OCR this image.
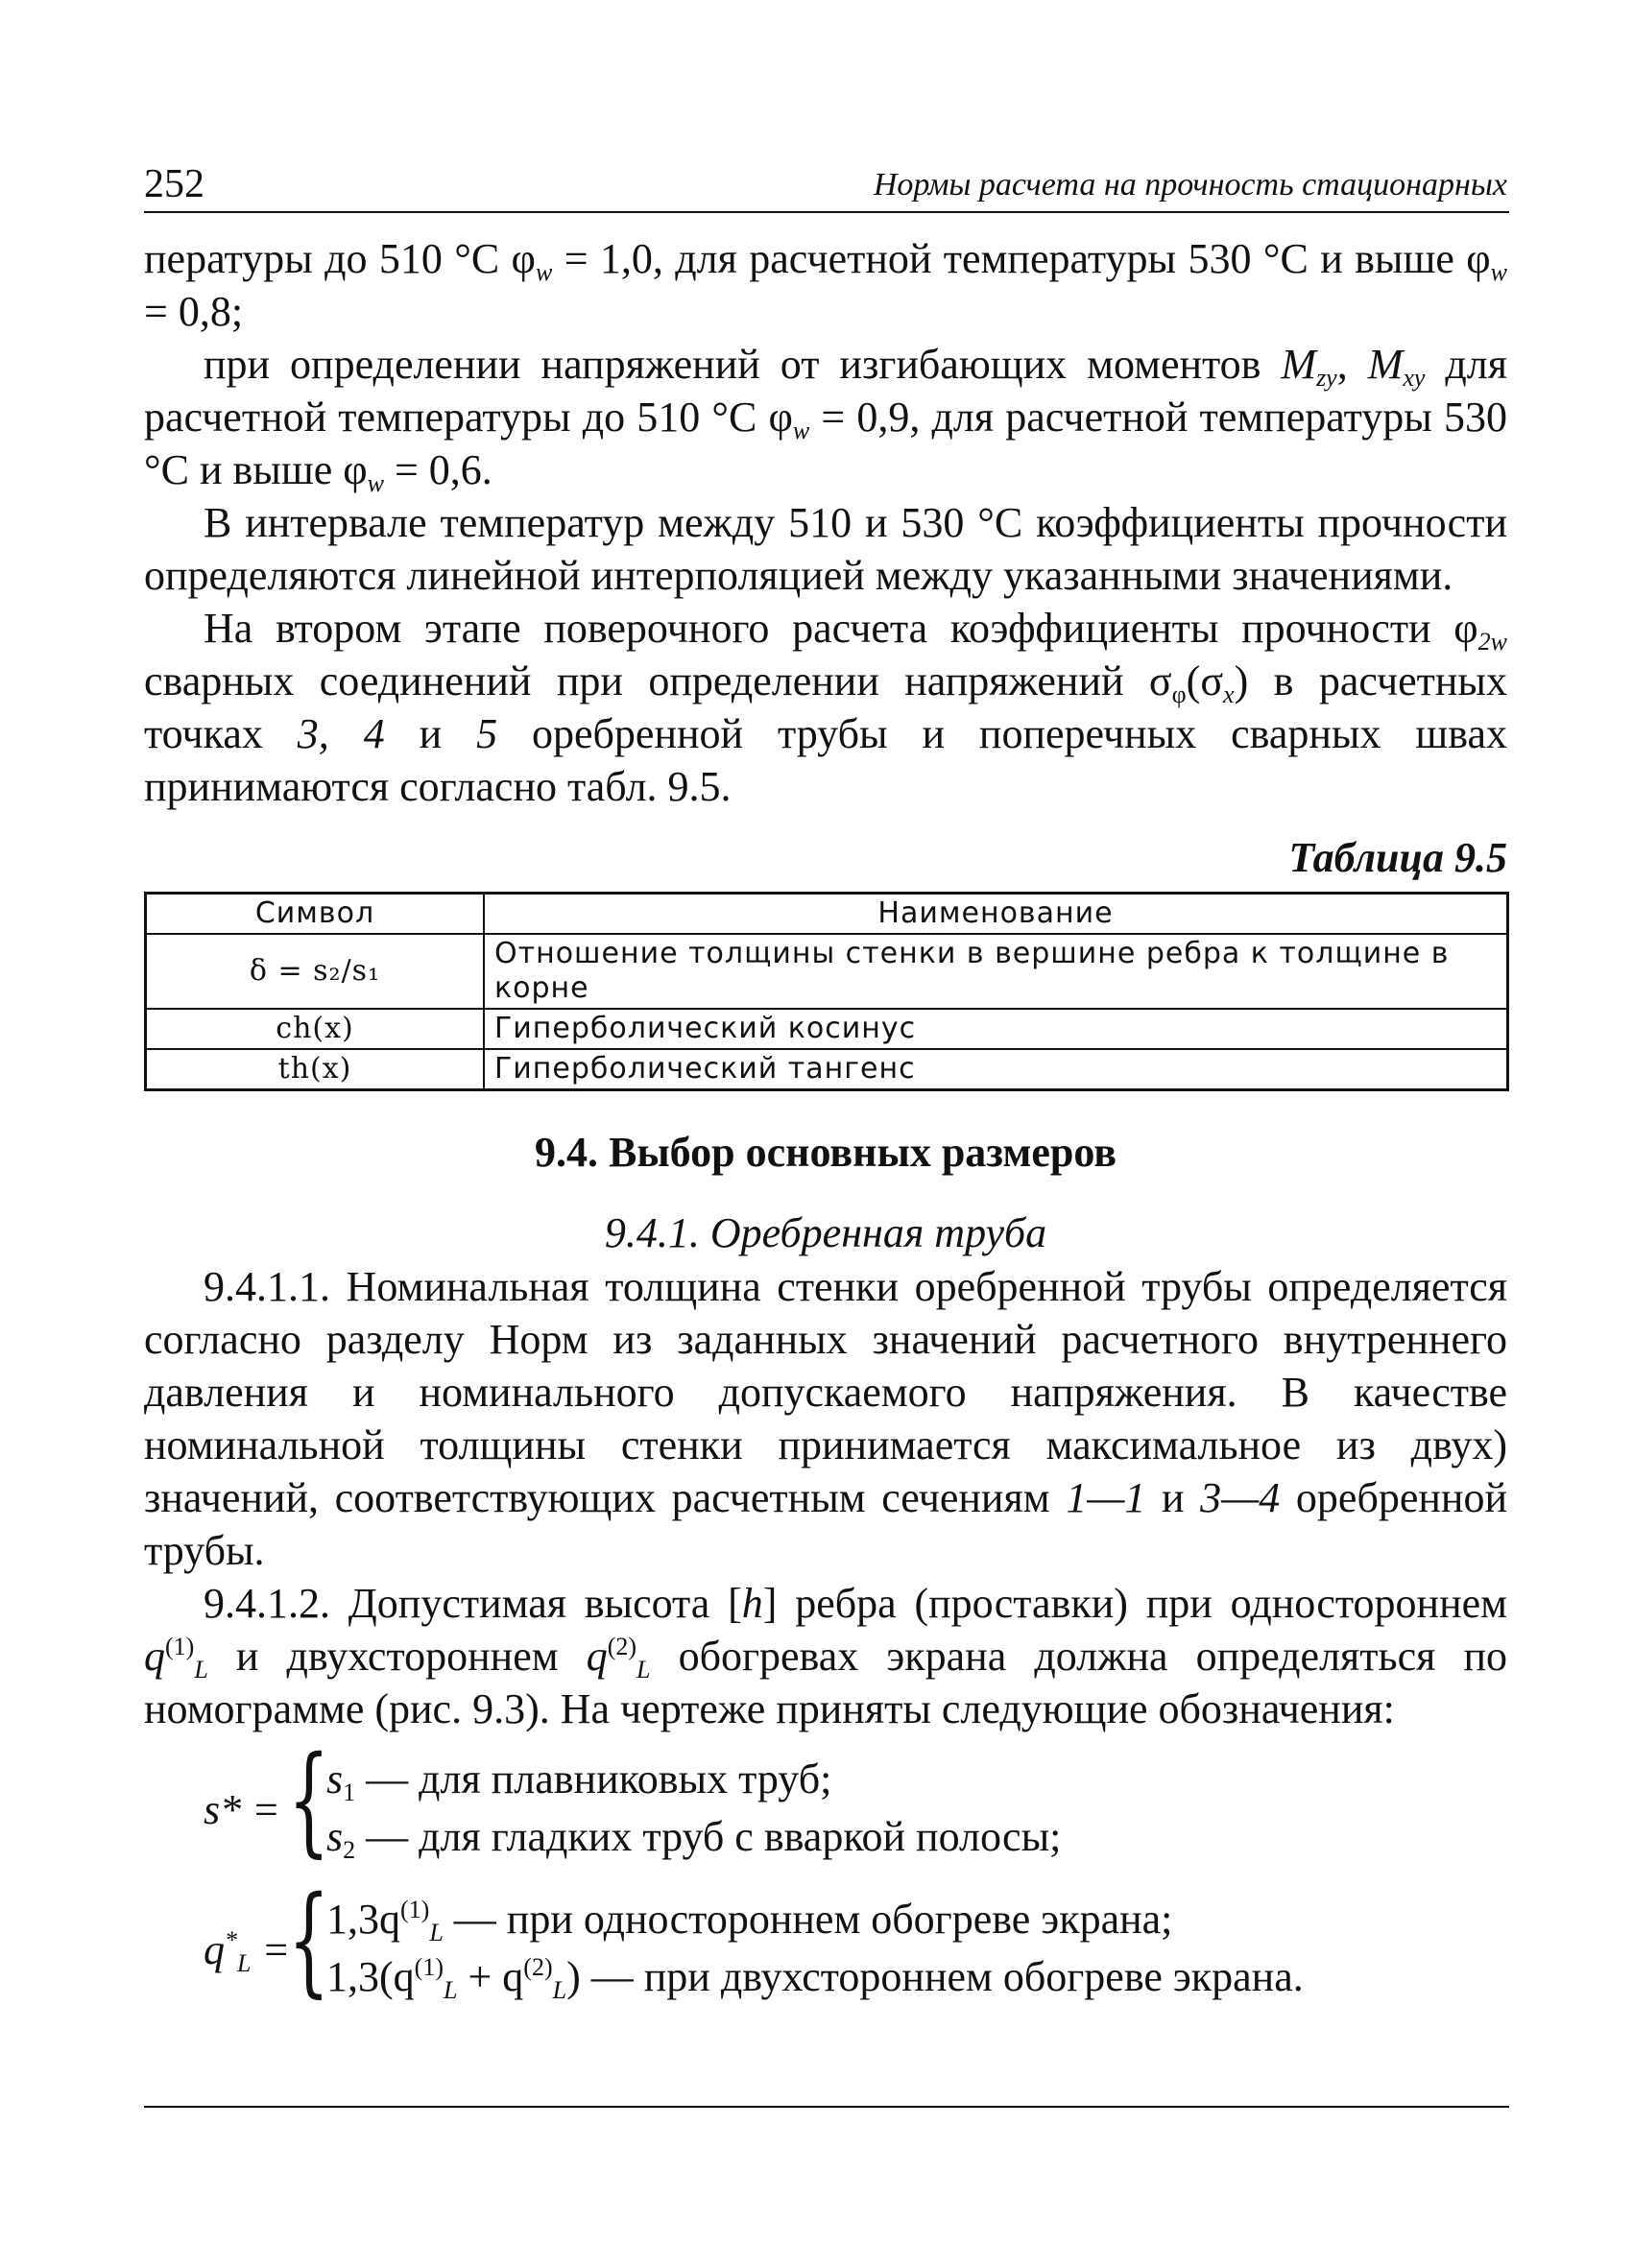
252	Нормы расчета на прочность стационарных

пературы до 510 °С $\varphi_w = 1,0$, для расчетной температуры 530 °С и выше $\varphi_w = 0,8$;

при определении напряжений от изгибающих моментов $M_{zy}$, $M_{xy}$ для расчетной температуры до 510 °С $\varphi_w = 0,9$, для расчетной температуры 530 °С и выше $\varphi_w = 0,6$.

В интервале температур между 510 и 530 °С коэффициенты прочности определяются линейной интерполяцией между указанными значениями.

На втором этапе поверочного расчета коэффициенты прочности $\varphi_{2w}$ сварных соединений при определении напряжений $\sigma_\varphi(\sigma_x)$ в расчетных точках 3, 4 и 5 оребренной трубы и поперечных сварных швах принимаются согласно табл. 9.5.

Таблица 9.5
Символ	Наименование
δ = s₂/s₁	Отношение толщины стенки в вершине ребра к толщине в корне
ch(x)	Гиперболический косинус
th(x)	Гиперболический тангенс
9.4. Выбор основных размеров
9.4.1. Оребренная труба

9.4.1.1. Номинальная толщина стенки оребренной трубы определяется согласно разделу Норм из заданных значений расчетного внутреннего давления и номинального допускаемого напряжения. В качестве номинальной толщины стенки принимается максимальное из двух) значений, соответствующих расчетным сечениям 1—1 и 3—4 оребренной трубы.

9.4.1.2. Допустимая высота [h] ребра (проставки) при одностороннем $q^{(1)}_L$ и двухстороннем $q^{(2)}_L$ обогревах экрана должна определяться по номограмме (рис. 9.3). На чертеже приняты следующие обозначения:

s* = {
$s_1$ — для плавниковых труб;
$s_2$ — для гладких труб с вваркой полосы;
$q^*_L$ =
{
$1,3q^{(1)}_L$ — при одностороннем обогреве экрана;
$1,3(q^{(1)}_L + q^{(2)}_L)$ — при двухстороннем обогреве экрана.
